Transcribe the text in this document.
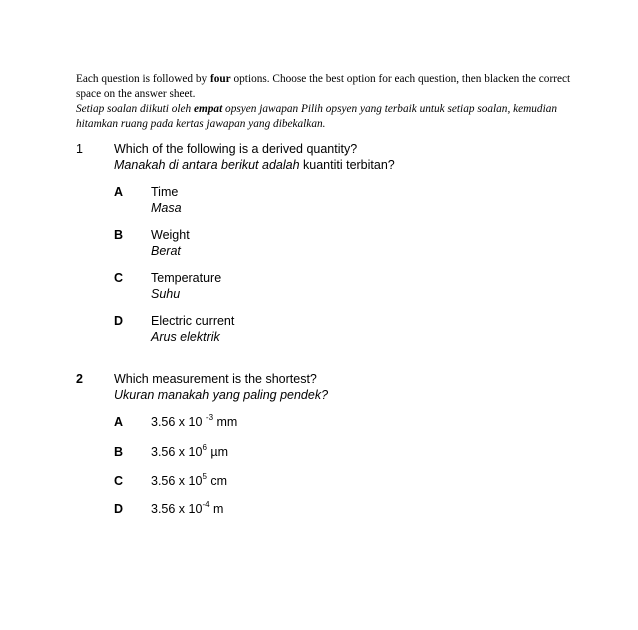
Each question is followed by four options. Choose the best option for each question, then blacken the correct space on the answer sheet.

Setiap soalan diikuti oleh empat opsyen jawapan Pilih opsyen yang terbaik untuk setiap soalan, kemudian hitamkan ruang pada kertas jawapan yang dibekalkan.

1 Which of the following is a derived quantity?
Manakah di antara berikut adalah kuantiti terbitan?
A Time
Masa
B Weight
Berat
C Temperature
Suhu
D Electric current
Arus elektrik
2 Which measurement is the shortest?
Ukuran manakah yang paling pendek?
A 3.56 x 10 $^{-3}$ mm
B 3.56 x $10^6$ µm
C 3.56 x $10^5$ cm
D 3.56 x $10^{-4}$ m
